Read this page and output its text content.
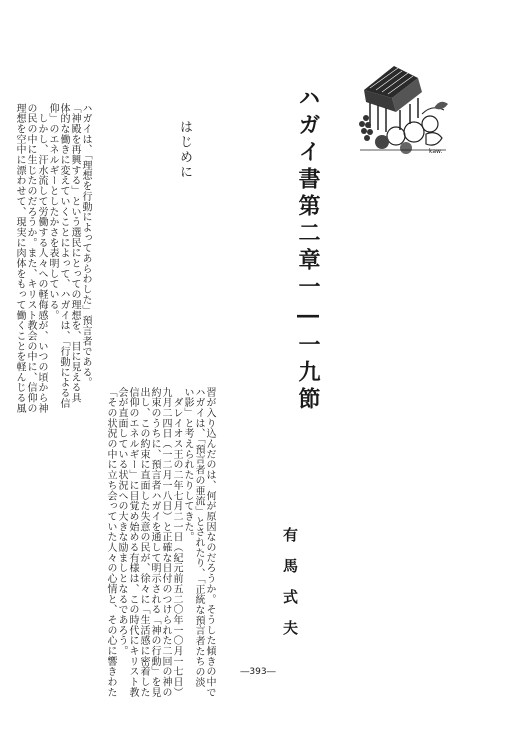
kaw.
ハガイ書第二章一―一九節
はじめに
ハガイは、「理想を行動によってあらわした」預言者である。
「神殿を再興する」という選民にとっての理想を、目に見える具
体的な働きに変えていくことによって、ハガイは、「行動による信
仰」のエネルギーとしたかさを表明している。
　しかし、汗水流して労働する人々への軽侮感が、いつの頃から神
の民の中に生じたのだろうか。また、キリスト教会の中に、信仰の
理想を空中に漂わせて、現実に肉体をもって働くことを軽んじる風
有馬式夫
習が入り込んだのは、何が原因なのだろうか。そうした傾きの中で
ハガイは、「預言者の亜流」とされたり、「正統な預言者たちの淡
い影」と考えられたりしてきた。
　ダレイオス王の二年七月二一日（紀元前五二〇年一〇月一七日）
九月二四日（一二月一八日）と正確な日付のつけられた二回の神の
約束のうちに、預言者ハガイを通して明示される「神の行動」を見
出し、この約束に直面した失意の民が、徐々に「生活感に密着した
信仰のエネルギー」に目覚め始める有様は、この時代にキリスト教
会が直面している状況への大きな励ましとなるであろう。
「その状況の中に立ち会っていた人々の心情と、その心に響きわた	―393―
